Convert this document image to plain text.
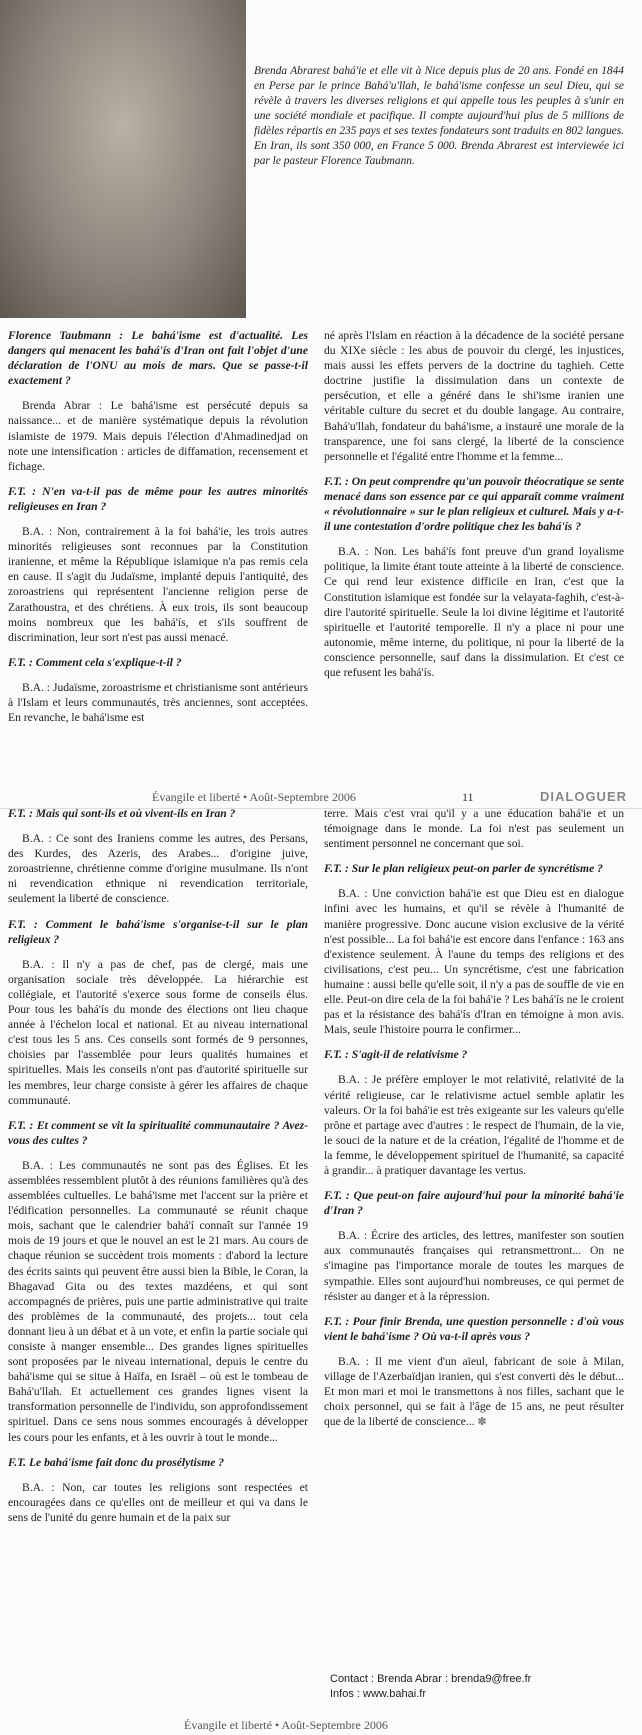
Brenda Abrarest bahá'ie et elle vit à Nice depuis plus de 20 ans. Fondé en 1844 en Perse par le prince Bahá'u'llah, le bahá'isme confesse un seul Dieu, qui se révèle à travers les diverses religions et qui appelle tous les peuples à s'unir en une société mondiale et pacifique. Il compte aujourd'hui plus de 5 millions de fidèles répartis en 235 pays et ses textes fondateurs sont traduits en 802 langues. En Iran, ils sont 350 000, en France 5 000. Brenda Abrarest est interviewée ici par le pasteur Florence Taubmann.

Florence Taubmann : Le bahá'isme est d'actualité. Les dangers qui menacent les bahá'ís d'Iran ont fait l'objet d'une déclaration de l'ONU au mois de mars. Que se passe-t-il exactement ?

Brenda Abrar : Le bahá'isme est persécuté depuis sa naissance... et de manière systématique depuis la révolution islamiste de 1979. Mais depuis l'élection d'Ahmadinedjad on note une intensification : articles de diffamation, recensement et fichage.

F.T. : N'en va-t-il pas de même pour les autres minorités religieuses en Iran ?

B.A. : Non, contrairement à la foi bahá'ie, les trois autres minorités religieuses sont reconnues par la Constitution iranienne, et même la République islamique n'a pas remis cela en cause. Il s'agit du Judaïsme, implanté depuis l'antiquité, des zoroastriens qui représentent l'ancienne religion perse de Zarathoustra, et des chrétiens. À eux trois, ils sont beaucoup moins nombreux que les bahá'ís, et s'ils souffrent de discrimination, leur sort n'est pas aussi menacé.

F.T. : Comment cela s'explique-t-il ?

B.A. : Judaïsme, zoroastrisme et christianisme sont antérieurs à l'Islam et leurs communautés, très anciennes, sont acceptées. En revanche, le bahá'isme est

né après l'Islam en réaction à la décadence de la société persane du XIXe siècle : les abus de pouvoir du clergé, les injustices, mais aussi les effets pervers de la doctrine du taghieh. Cette doctrine justifie la dissimulation dans un contexte de persécution, et elle a généré dans le shi'isme iranien une véritable culture du secret et du double langage. Au contraire, Bahá'u'llah, fondateur du bahá'isme, a instauré une morale de la transparence, une foi sans clergé, la liberté de la conscience personnelle et l'égalité entre l'homme et la femme...

F.T. : On peut comprendre qu'un pouvoir théocratique se sente menacé dans son essence par ce qui apparaît comme vraiment « révolutionnaire » sur le plan religieux et culturel. Mais y a-t-il une contestation d'ordre politique chez les bahá'ís ?

B.A. : Non. Les bahá'ís font preuve d'un grand loyalisme politique, la limite étant toute atteinte à la liberté de conscience. Ce qui rend leur existence difficile en Iran, c'est que la Constitution islamique est fondée sur la velayata-faghih, c'est-à-dire l'autorité spirituelle. Seule la loi divine légitime et l'autorité spirituelle et l'autorité temporelle. Il n'y a place ni pour une autonomie, même interne, du politique, ni pour la liberté de la conscience personnelle, sauf dans la dissimulation. Et c'est ce que refusent les bahá'ís.

Évangile et liberté • Août-Septembre 2006	11	DIALOGUER

F.T. : Mais qui sont-ils et où vivent-ils en Iran ?

B.A. : Ce sont des Iraniens comme les autres, des Persans, des Kurdes, des Azeris, des Arabes... d'origine juive, zoroastrienne, chrétienne comme d'origine musulmane. Ils n'ont ni revendication ethnique ni revendication territoriale, seulement la liberté de conscience.

F.T. : Comment le bahá'isme s'organise-t-il sur le plan religieux ?

B.A. : Il n'y a pas de chef, pas de clergé, mais une organisation sociale très développée. La hiérarchie est collégiale, et l'autorité s'exerce sous forme de conseils élus. Pour tous les bahá'ís du monde des élections ont lieu chaque année à l'échelon local et national. Et au niveau international c'est tous les 5 ans. Ces conseils sont formés de 9 personnes, choisies par l'assemblée pour leurs qualités humaines et spirituelles. Mais les conseils n'ont pas d'autorité spirituelle sur les membres, leur charge consiste à gérer les affaires de chaque communauté.

F.T. : Et comment se vit la spiritualité communautaire ? Avez-vous des cultes ?

B.A. : Les communautés ne sont pas des Églises. Et les assemblées ressemblent plutôt à des réunions familières qu'à des assemblées cultuelles. Le bahá'isme met l'accent sur la prière et l'édification personnelles. La communauté se réunit chaque mois, sachant que le calendrier bahá'í connaît sur l'année 19 mois de 19 jours et que le nouvel an est le 21 mars. Au cours de chaque réunion se succèdent trois moments : d'abord la lecture des écrits saints qui peuvent être aussi bien la Bible, le Coran, la Bhagavad Gita ou des textes mazdéens, et qui sont accompagnés de prières, puis une partie administrative qui traite des problèmes de la communauté, des projets... tout cela donnant lieu à un débat et à un vote, et enfin la partie sociale qui consiste à manger ensemble... Des grandes lignes spirituelles sont proposées par le niveau international, depuis le centre du bahá'isme qui se situe à Haïfa, en Israël – où est le tombeau de Bahá'u'llah. Et actuellement ces grandes lignes visent la transformation personnelle de l'individu, son approfondissement spirituel. Dans ce sens nous sommes encouragés à développer les cours pour les enfants, et à les ouvrir à tout le monde...

F.T. Le bahá'isme fait donc du prosélytisme ?

B.A. : Non, car toutes les religions sont respectées et encouragées dans ce qu'elles ont de meilleur et qui va dans le sens de l'unité du genre humain et de la paix sur

terre. Mais c'est vrai qu'il y a une éducation bahá'ie et un témoignage dans le monde. La foi n'est pas seulement un sentiment personnel ne concernant que soi.

F.T. : Sur le plan religieux peut-on parler de syncrétisme ?

B.A. : Une conviction bahá'ie est que Dieu est en dialogue infini avec les humains, et qu'il se révèle à l'humanité de manière progressive. Donc aucune vision exclusive de la vérité n'est possible... La foi bahá'ie est encore dans l'enfance : 163 ans d'existence seulement. À l'aune du temps des religions et des civilisations, c'est peu... Un syncrétisme, c'est une fabrication humaine : aussi belle qu'elle soit, il n'y a pas de souffle de vie en elle. Peut-on dire cela de la foi bahá'ie ? Les bahá'ís ne le croient pas et la résistance des bahá'ís d'Iran en témoigne à mon avis. Mais, seule l'histoire pourra le confirmer...

F.T. : S'agit-il de relativisme ?

B.A. : Je préfère employer le mot relativité, relativité de la vérité religieuse, car le relativisme actuel semble aplatir les valeurs. Or la foi bahá'ie est très exigeante sur les valeurs qu'elle prône et partage avec d'autres : le respect de l'humain, de la vie, le souci de la nature et de la création, l'égalité de l'homme et de la femme, le développement spirituel de l'humanité, sa capacité à grandir... à pratiquer davantage les vertus.

F.T. : Que peut-on faire aujourd'hui pour la minorité bahá'ie d'Iran ?

B.A. : Écrire des articles, des lettres, manifester son soutien aux communautés françaises qui retransmettront... On ne s'imagine pas l'importance morale de toutes les marques de sympathie. Elles sont aujourd'hui nombreuses, ce qui permet de résister au danger et à la répression.

F.T. : Pour finir Brenda, une question personnelle : d'où vous vient le bahá'isme ? Où va-t-il après vous ?

B.A. : Il me vient d'un aïeul, fabricant de soie à Milan, village de l'Azerbaïdjan iranien, qui s'est converti dès le début... Et mon mari et moi le transmettons à nos filles, sachant que le choix personnel, qui se fait à l'âge de 15 ans, ne peut résulter que de la liberté de conscience... ✽

Contact : Brenda Abrar : brenda9@free.fr
Infos : www.bahai.fr
Évangile et liberté • Août-Septembre 2006
